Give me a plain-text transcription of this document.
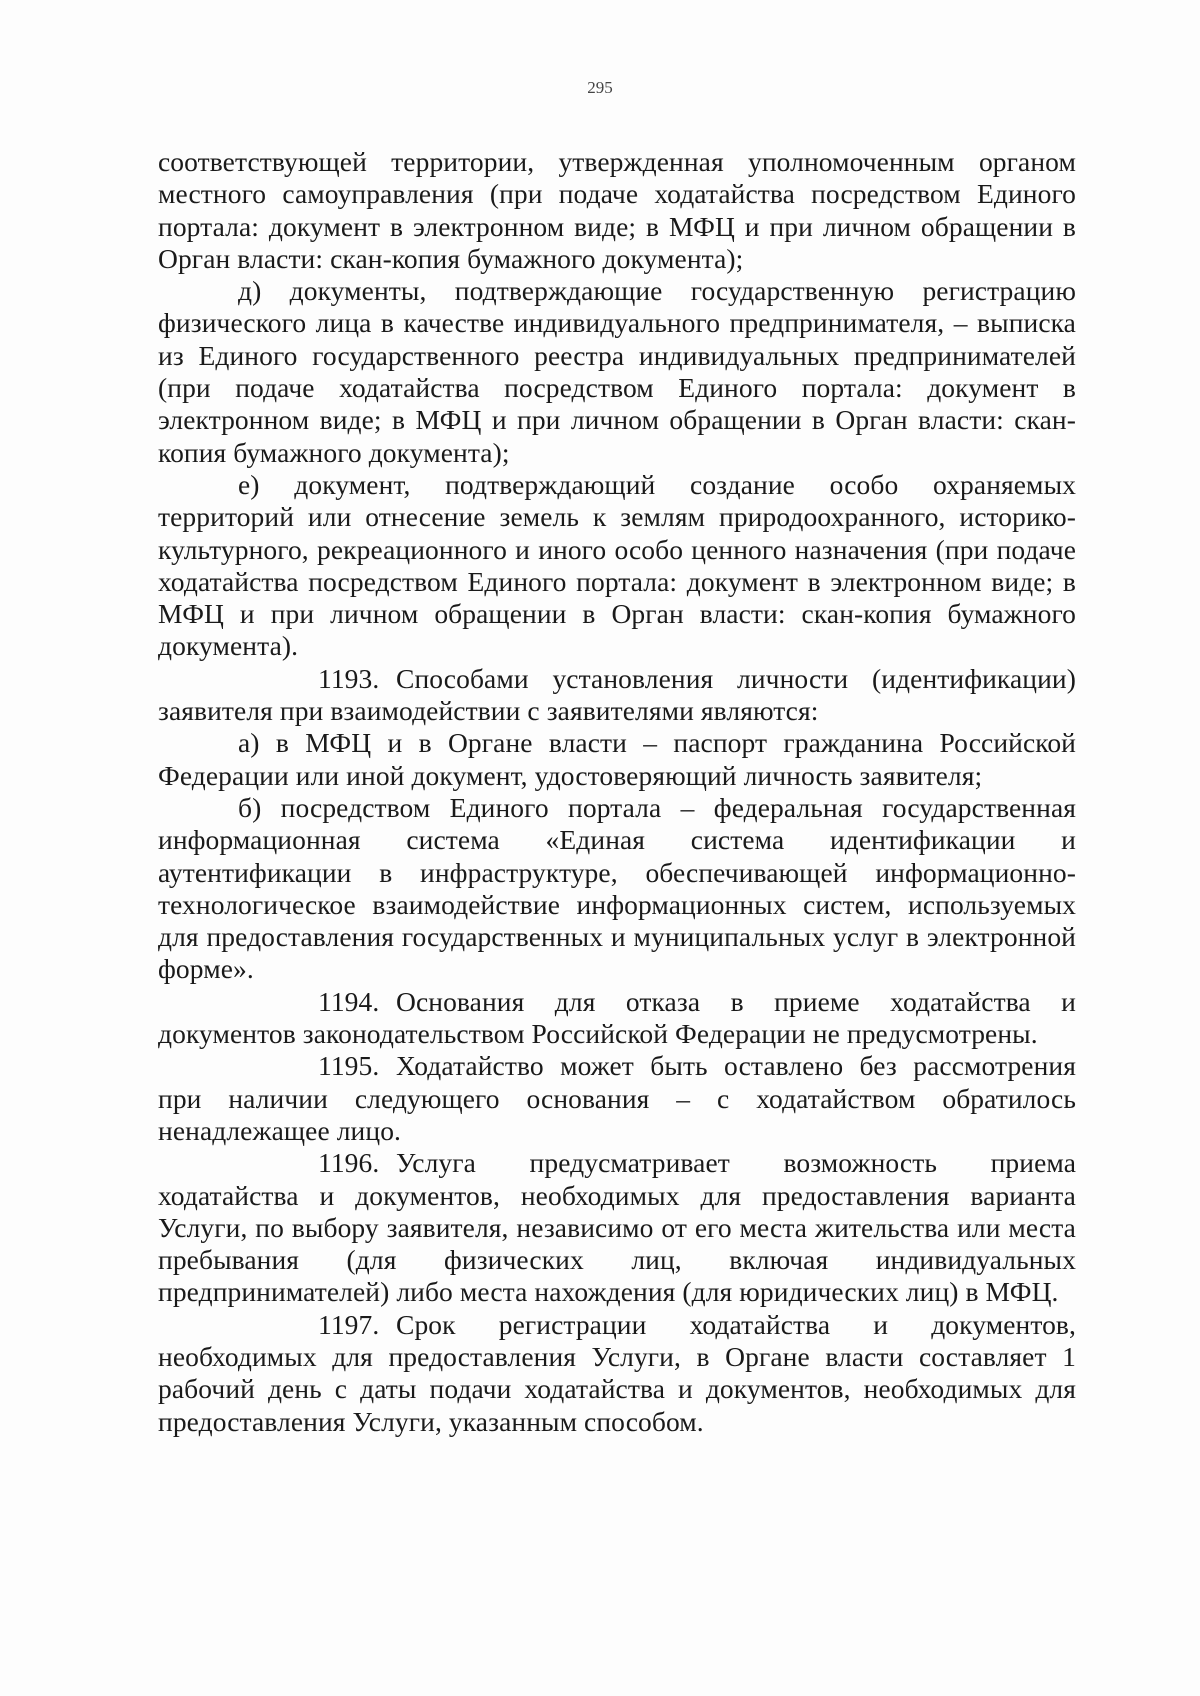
295

соответствующей территории, утвержденная уполномоченным органом местного самоуправления (при подаче ходатайства посредством Единого портала: документ в электронном виде; в МФЦ и при личном обращении в Орган власти: скан-копия бумажного документа);

д) документы, подтверждающие государственную регистрацию физического лица в качестве индивидуального предпринимателя, – выписка из Единого государственного реестра индивидуальных предпринимателей (при подаче ходатайства посредством Единого портала: документ в электронном виде; в МФЦ и при личном обращении в Орган власти: скан-копия бумажного документа);

е) документ, подтверждающий создание особо охраняемых территорий или отнесение земель к землям природоохранного, историко-культурного, рекреационного и иного особо ценного назначения (при подаче ходатайства посредством Единого портала: документ в электронном виде; в МФЦ и при личном обращении в Орган власти: скан-копия бумажного документа).

1193. Способами установления личности (идентификации) заявителя при взаимодействии с заявителями являются:

а) в МФЦ и в Органе власти – паспорт гражданина Российской Федерации или иной документ, удостоверяющий личность заявителя;

б) посредством Единого портала – федеральная государственная информационная система «Единая система идентификации и аутентификации в инфраструктуре, обеспечивающей информационно-технологическое взаимодействие информационных систем, используемых для предоставления государственных и муниципальных услуг в электронной форме».

1194. Основания для отказа в приеме ходатайства и документов законодательством Российской Федерации не предусмотрены.

1195. Ходатайство может быть оставлено без рассмотрения при наличии следующего основания – с ходатайством обратилось ненадлежащее лицо.

1196. Услуга предусматривает возможность приема ходатайства и документов, необходимых для предоставления варианта Услуги, по выбору заявителя, независимо от его места жительства или места пребывания (для физических лиц, включая индивидуальных предпринимателей) либо места нахождения (для юридических лиц) в МФЦ.

1197. Срок регистрации ходатайства и документов, необходимых для предоставления Услуги, в Органе власти составляет 1 рабочий день с даты подачи ходатайства и документов, необходимых для предоставления Услуги, указанным способом.
